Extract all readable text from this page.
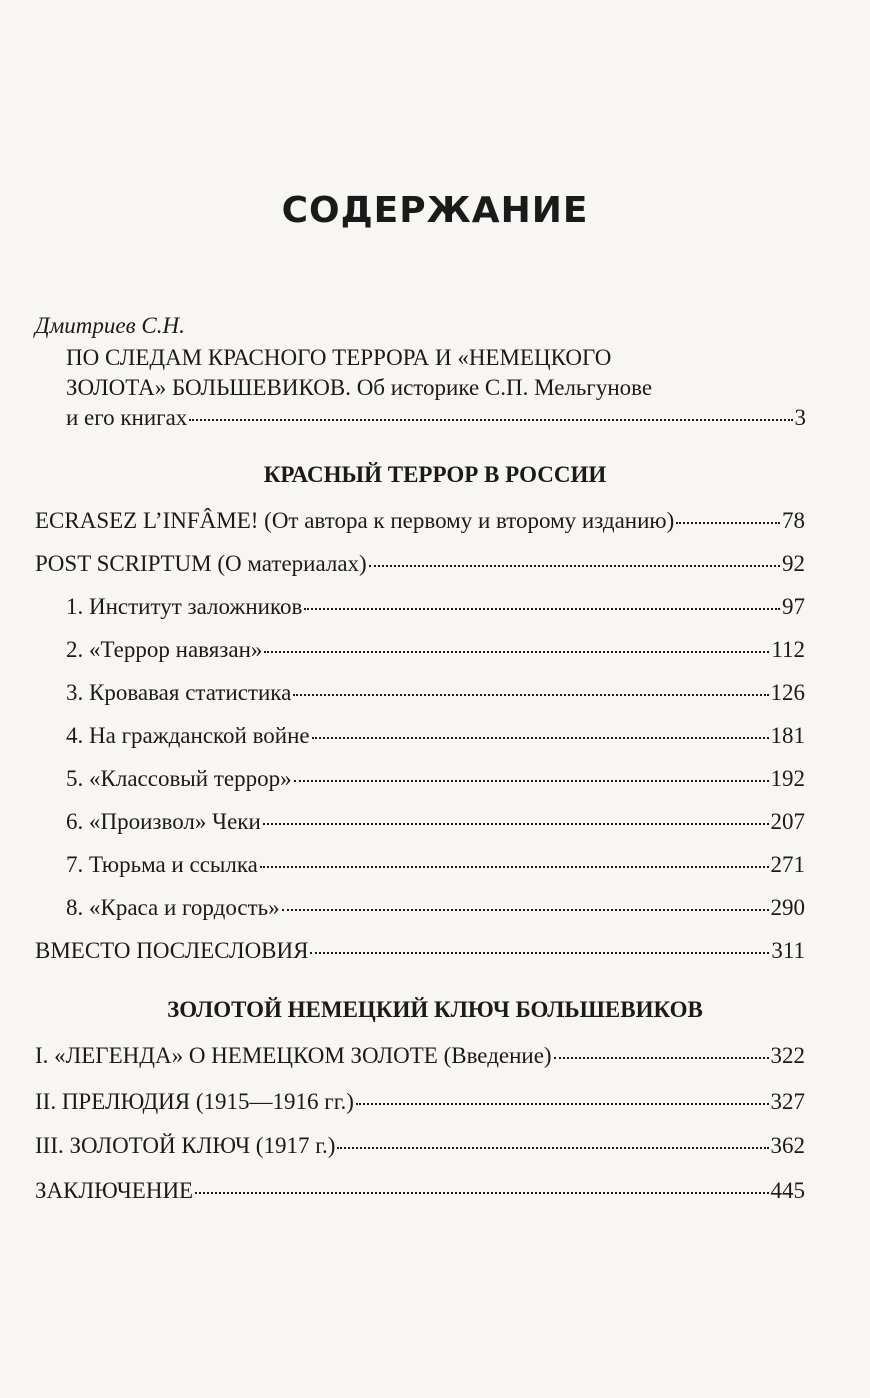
СОДЕРЖАНИЕ
Дмитриев С.Н.
ПО СЛЕДАМ КРАСНОГО ТЕРРОРА И «НЕМЕЦКОГО
ЗОЛОТА» БОЛЬШЕВИКОВ. Об историке С.П. Мельгунове
и его книгах	3
КРАСНЫЙ ТЕРРОР В РОССИИ
ECRASEZ L’INFÂME! (От автора к первому и второму изданию)	78
POST SCRIPTUM (О материалах)	92
1. Институт заложников	97
2. «Террор навязан»	112
3. Кровавая статистика	126
4. На гражданской войне	181
5. «Классовый террор»	192
6. «Произвол» Чеки	207
7. Тюрьма и ссылка	271
8. «Краса и гордость»	290
ВМЕСТО ПОСЛЕСЛОВИЯ	311
ЗОЛОТОЙ НЕМЕЦКИЙ КЛЮЧ БОЛЬШЕВИКОВ
I. «ЛЕГЕНДА» О НЕМЕЦКОМ ЗОЛОТЕ (Введение)	322
II. ПРЕЛЮДИЯ (1915—1916 гг.)	327
III. ЗОЛОТОЙ КЛЮЧ (1917 г.)	362
ЗАКЛЮЧЕНИЕ	445
